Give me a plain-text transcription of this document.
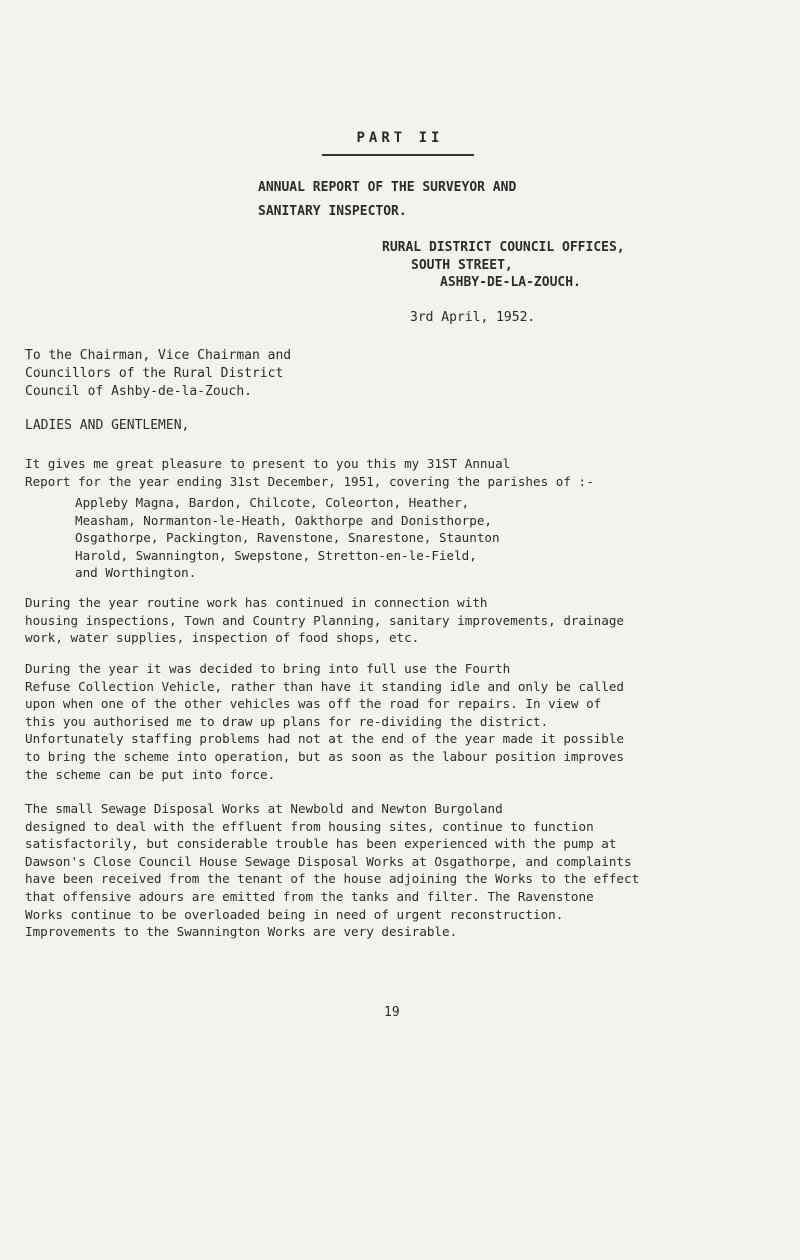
PART II
ANNUAL REPORT OF THE SURVEYOR AND
SANITARY INSPECTOR.
RURAL DISTRICT COUNCIL OFFICES,
SOUTH STREET,
ASHBY-DE-LA-ZOUCH.
3rd April, 1952.
To the Chairman, Vice Chairman and
Councillors of the Rural District
Council of Ashby-de-la-Zouch.
LADIES AND GENTLEMEN,

It gives me great pleasure to present to you this my 31ST Annual
Report for the year ending 31st December, 1951, covering the parishes of :-

Appleby Magna, Bardon, Chilcote, Coleorton, Heather,
Measham, Normanton-le-Heath, Oakthorpe and Donisthorpe,
Osgathorpe, Packington, Ravenstone, Snarestone, Staunton
Harold, Swannington, Swepstone, Stretton-en-le-Field,
and Worthington.

During the year routine work has continued in connection with
housing inspections, Town and Country Planning, sanitary improvements, drainage
work, water supplies, inspection of food shops, etc.

During the year it was decided to bring into full use the Fourth
Refuse Collection Vehicle, rather than have it standing idle and only be called
upon when one of the other vehicles was off the road for repairs. In view of
this you authorised me to draw up plans for re-dividing the district.
Unfortunately staffing problems had not at the end of the year made it possible
to bring the scheme into operation, but as soon as the labour position improves
the scheme can be put into force.

The small Sewage Disposal Works at Newbold and Newton Burgoland
designed to deal with the effluent from housing sites, continue to function
satisfactorily, but considerable trouble has been experienced with the pump at
Dawson's Close Council House Sewage Disposal Works at Osgathorpe, and complaints
have been received from the tenant of the house adjoining the Works to the effect
that offensive adours are emitted from the tanks and filter. The Ravenstone
Works continue to be overloaded being in need of urgent reconstruction.
Improvements to the Swannington Works are very desirable.

19
